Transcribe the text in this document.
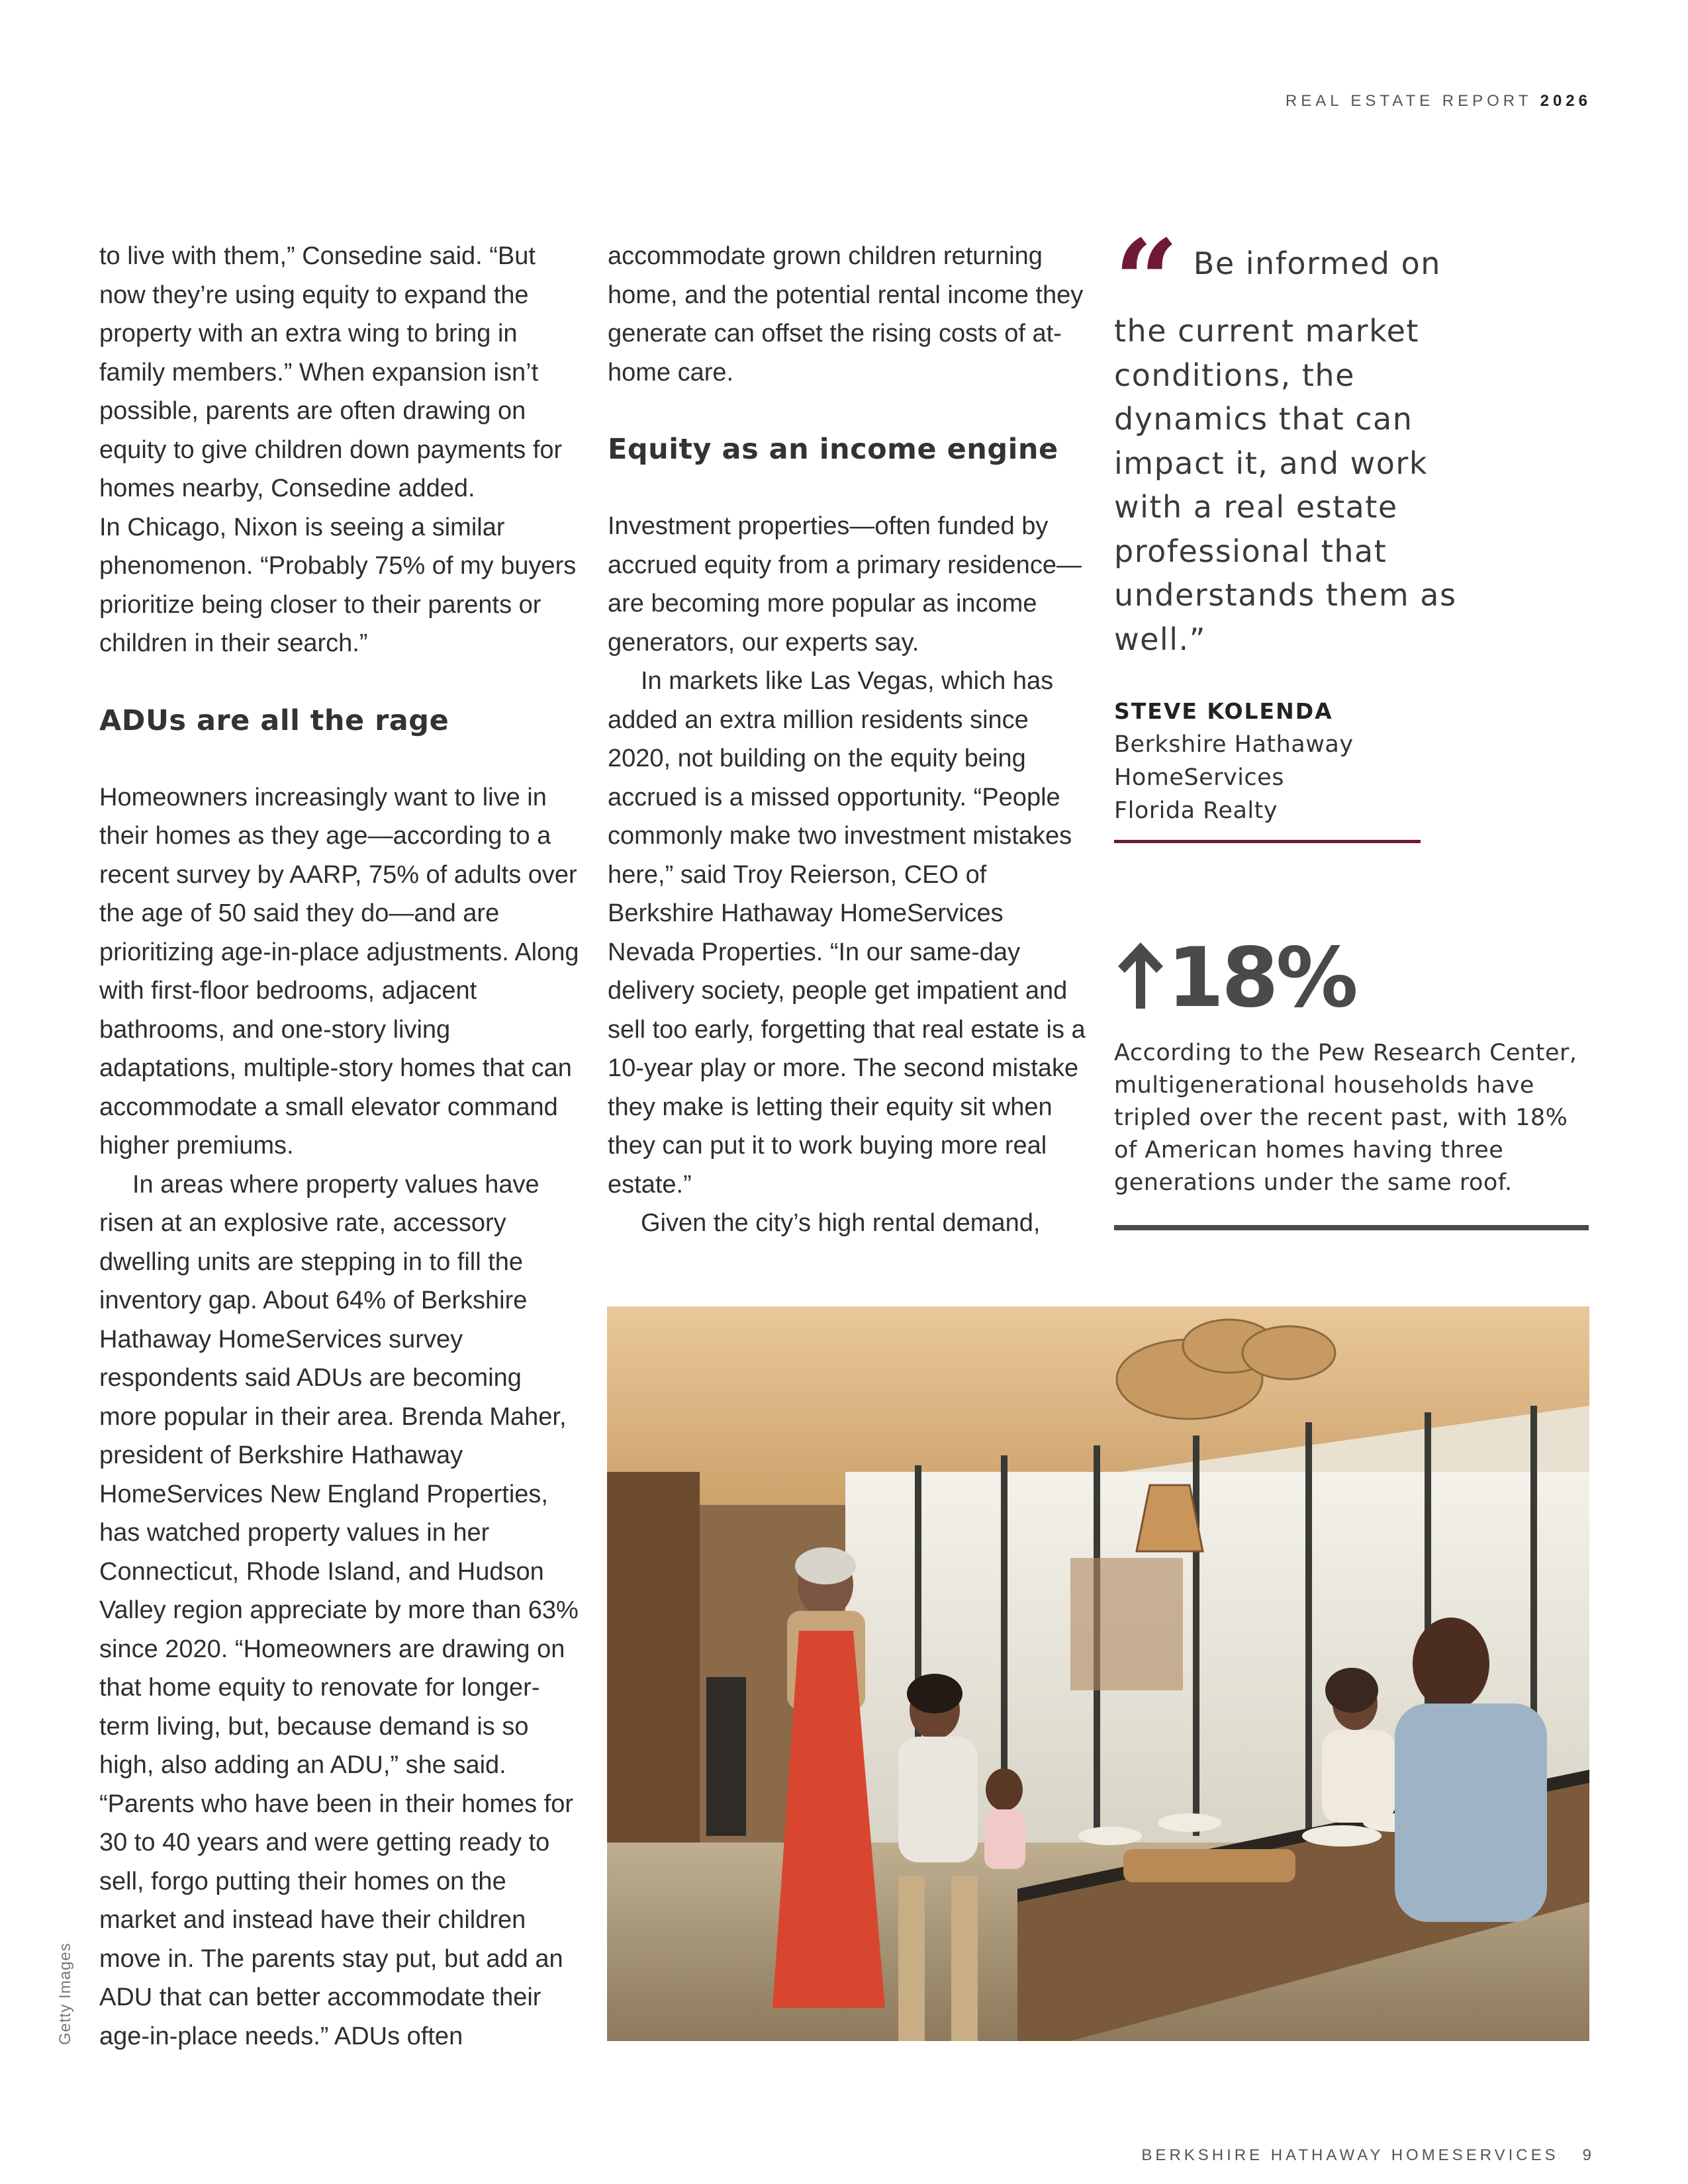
REAL ESTATE REPORT 2026

to live with them,” Consedine said. “But now they’re using equity to expand the property with an extra wing to bring in family members.” When expansion isn’t possible, parents are often drawing on equity to give children down payments for homes nearby, Consedine added.

In Chicago, Nixon is seeing a similar phenomenon. “Probably 75% of my buyers prioritize being closer to their parents or children in their search.”

ADUs are all the rage

Homeowners increasingly want to live in their homes as they age—according to a recent survey by AARP, 75% of adults over the age of 50 said they do—and are prioritizing age-in-place adjustments. Along with first-floor bedrooms, adjacent bathrooms, and one-story living adaptations, multiple-story homes that can accommodate a small elevator command higher premiums.

In areas where property values have risen at an explosive rate, accessory dwelling units are stepping in to fill the inventory gap. About 64% of Berkshire Hathaway HomeServices survey respondents said ADUs are becoming more popular in their area. Brenda Maher, president of Berkshire Hathaway HomeServices New England Properties, has watched property values in her Connecticut, Rhode Island, and Hudson Valley region appreciate by more than 63% since 2020. “Homeowners are drawing on that home equity to renovate for longer-term living, but, because demand is so high, also adding an ADU,” she said. “Parents who have been in their homes for 30 to 40 years and were getting ready to sell, forgo putting their homes on the market and instead have their children move in. The parents stay put, but add an ADU that can better accommodate their age-in-place needs.” ADUs often

accommodate grown children returning home, and the potential rental income they generate can offset the rising costs of at-home care.

Equity as an income engine

Investment properties—often funded by accrued equity from a primary residence—are becoming more popular as income generators, our experts say.

In markets like Las Vegas, which has added an extra million residents since 2020, not building on the equity being accrued is a missed opportunity. “People commonly make two investment mistakes here,” said Troy Reierson, CEO of Berkshire Hathaway HomeServices Nevada Properties. “In our same-day delivery society, people get impatient and sell too early, forgetting that real estate is a 10-year play or more. The second mistake they make is letting their equity sit when they can put it to work buying more real estate.”

Given the city’s high rental demand,

“ Be informed on the current market conditions, the dynamics that can impact it, and work with a real estate professional that understands them as well.”
STEVE KOLENDA
Berkshire Hathaway
HomeServices
Florida Realty
18%
According to the Pew Research Center, multigenerational households have tripled over the recent past, with 18% of American homes having three generations under the same roof.
Getty Images
BERKSHIRE HATHAWAY HOMESERVICES 9
